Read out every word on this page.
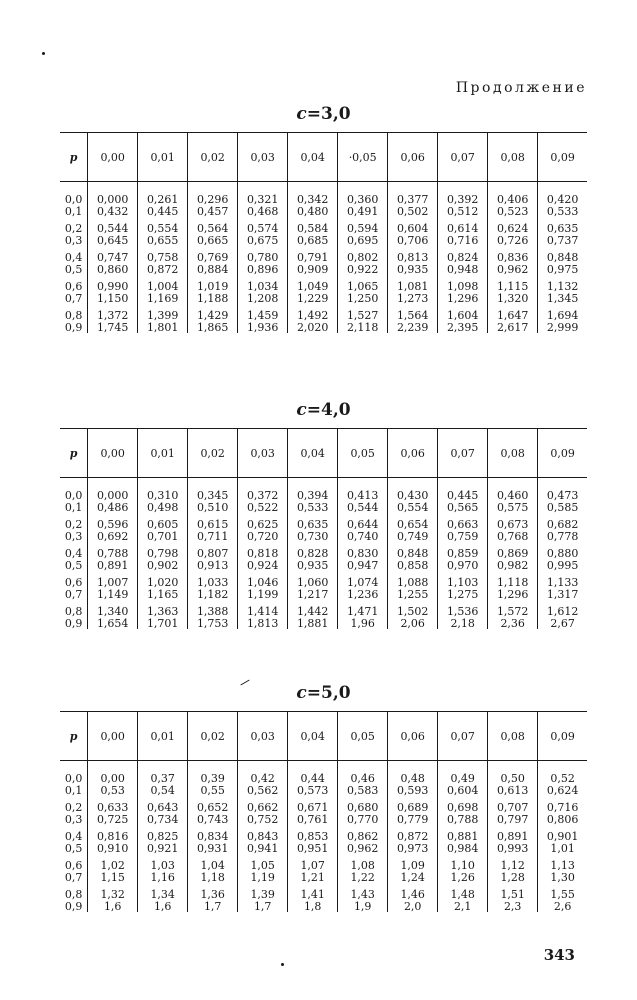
Продолжение
c=3,0
p	0,00	0,01	0,02	0,03	0,04	·0,05	0,06	0,07	0,08	0,09

0,0	0,000	0,261	0,296	0,321	0,342	0,360	0,377	0,392	0,406	0,420
0,1	0,432	0,445	0,457	0,468	0,480	0,491	0,502	0,512	0,523	0,533

0,2	0,544	0,554	0,564	0,574	0,584	0,594	0,604	0,614	0,624	0,635
0,3	0,645	0,655	0,665	0,675	0,685	0,695	0,706	0,716	0,726	0,737

0,4	0,747	0,758	0,769	0,780	0,791	0,802	0,813	0,824	0,836	0,848
0,5	0,860	0,872	0,884	0,896	0,909	0,922	0,935	0,948	0,962	0,975

0,6	0,990	1,004	1,019	1,034	1,049	1,065	1,081	1,098	1,115	1,132
0,7	1,150	1,169	1,188	1,208	1,229	1,250	1,273	1,296	1,320	1,345

0,8	1,372	1,399	1,429	1,459	1,492	1,527	1,564	1,604	1,647	1,694
0,9	1,745	1,801	1,865	1,936	2,020	2,118	2,239	2,395	2,617	2,999
c=4,0
p	0,00	0,01	0,02	0,03	0,04	0,05	0,06	0,07	0,08	0,09

0,0	0,000	0,310	0,345	0,372	0,394	0,413	0,430	0,445	0,460	0,473
0,1	0,486	0,498	0,510	0,522	0,533	0,544	0,554	0,565	0,575	0,585

0,2	0,596	0,605	0,615	0,625	0,635	0,644	0,654	0,663	0,673	0,682
0,3	0,692	0,701	0,711	0,720	0,730	0,740	0,749	0,759	0,768	0,778

0,4	0,788	0,798	0,807	0,818	0,828	0,830	0,848	0,859	0,869	0,880
0,5	0,891	0,902	0,913	0,924	0,935	0,947	0,858	0,970	0,982	0,995

0,6	1,007	1,020	1,033	1,046	1,060	1,074	1,088	1,103	1,118	1,133
0,7	1,149	1,165	1,182	1,199	1,217	1,236	1,255	1,275	1,296	1,317

0,8	1,340	1,363	1,388	1,414	1,442	1,471	1,502	1,536	1,572	1,612
0,9	1,654	1,701	1,753	1,813	1,881	1,96	2,06	2,18	2,36	2,67
c=5,0
p	0,00	0,01	0,02	0,03	0,04	0,05	0,06	0,07	0,08	0,09

0,0	0,00	0,37	0,39	0,42	0,44	0,46	0,48	0,49	0,50	0,52
0,1	0,53	0,54	0,55	0,562	0,573	0,583	0,593	0,604	0,613	0,624

0,2	0,633	0,643	0,652	0,662	0,671	0,680	0,689	0,698	0,707	0,716
0,3	0,725	0,734	0,743	0,752	0,761	0,770	0,779	0,788	0,797	0,806

0,4	0,816	0,825	0,834	0,843	0,853	0,862	0,872	0,881	0,891	0,901
0,5	0,910	0,921	0,931	0,941	0,951	0,962	0,973	0,984	0,993	1,01

0,6	1,02	1,03	1,04	1,05	1,07	1,08	1,09	1,10	1,12	1,13
0,7	1,15	1,16	1,18	1,19	1,21	1,22	1,24	1,26	1,28	1,30

0,8	1,32	1,34	1,36	1,39	1,41	1,43	1,46	1,48	1,51	1,55
0,9	1,6	1,6	1,7	1,7	1,8	1,9	2,0	2,1	2,3	2,6
343
